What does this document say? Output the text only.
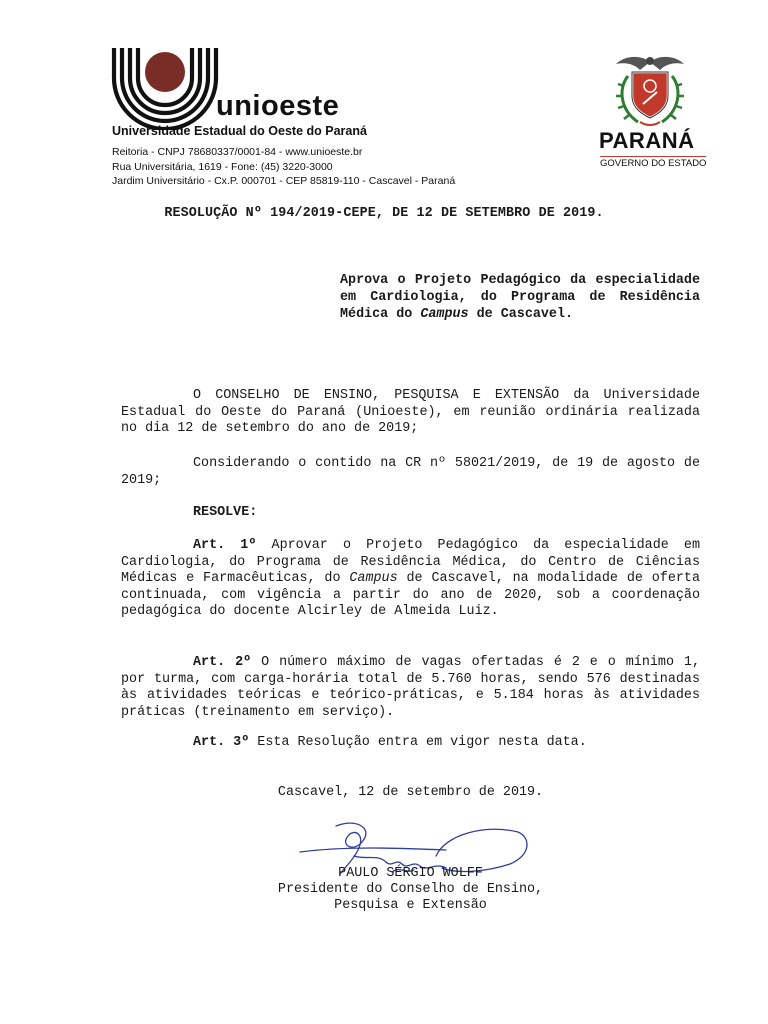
unioeste
Universidade Estadual do Oeste do Paraná
Reitoria - CNPJ 78680337/0001-84 - www.unioeste.br
Rua Universitária, 1619 - Fone: (45) 3220-3000
Jardim Universitário - Cx.P. 000701 - CEP 85819-110 - Cascavel - Paraná
PARANÁ
GOVERNO DO ESTADO
RESOLUÇÃO Nº 194/2019-CEPE, DE 12 DE SETEMBRO DE 2019.
Aprova o Projeto Pedagógico da especialidade em Cardiologia, do Programa de Residência Médica do Campus de Cascavel.
O CONSELHO DE ENSINO, PESQUISA E EXTENSÃO da Universidade Estadual do Oeste do Paraná (Unioeste), em reunião ordinária realizada no dia 12 de setembro do ano de 2019;
Considerando o contido na CR nº 58021/2019, de 19 de agosto de 2019;
RESOLVE:
Art. 1º Aprovar o Projeto Pedagógico da especialidade em Cardiologia, do Programa de Residência Médica, do Centro de Ciências Médicas e Farmacêuticas, do Campus de Cascavel, na modalidade de oferta continuada, com vigência a partir do ano de 2020, sob a coordenação pedagógica do docente Alcirley de Almeida Luiz.
Art. 2º O número máximo de vagas ofertadas é 2 e o mínimo 1, por turma, com carga-horária total de 5.760 horas, sendo 576 destinadas às atividades teóricas e teórico-práticas, e 5.184 horas às atividades práticas (treinamento em serviço).
Art. 3º Esta Resolução entra em vigor nesta data.
Cascavel, 12 de setembro de 2019.
PAULO SÉRGIO WOLFF
Presidente do Conselho de Ensino,
Pesquisa e Extensão
